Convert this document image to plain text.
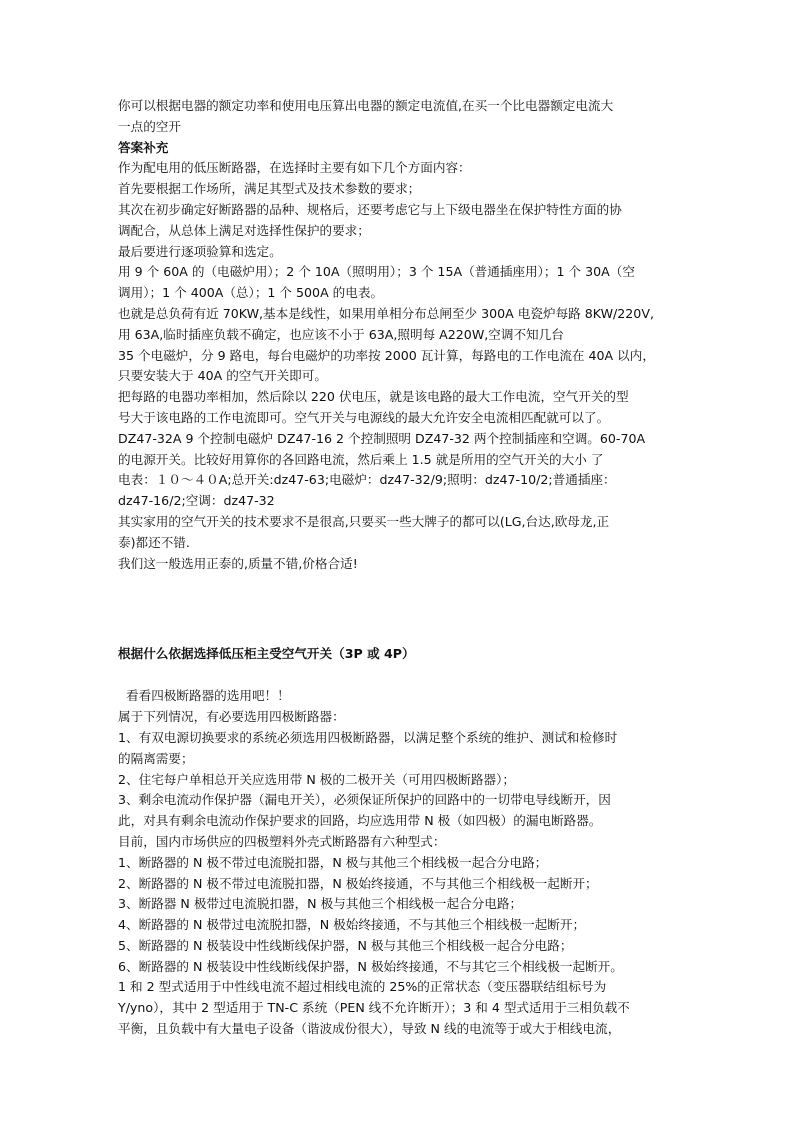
你可以根据电器的额定功率和使用电压算出电器的额定电流值,在买一个比电器额定电流大
一点的空开
答案补充
作为配电用的低压断路器，在选择时主要有如下几个方面内容：
首先要根据工作场所，满足其型式及技术参数的要求；
其次在初步确定好断路器的品种、规格后，还要考虑它与上下级电器坐在保护特性方面的协
调配合，从总体上满足对选择性保护的要求；
最后要进行逐项验算和选定。
用 9 个 60A 的（电磁炉用）；2 个 10A（照明用）；3 个 15A（普通插座用）；1 个 30A（空
调用）；1 个 400A（总）；1 个 500A 的电表。
也就是总负荷有近 70KW,基本是线性，如果用单相分布总闸至少 300A 电瓷炉每路 8KW/220V,
用 63A,临时插座负载不确定，也应该不小于 63A,照明每 A220W,空调不知几台
35 个电磁炉，分 9 路电，每台电磁炉的功率按 2000 瓦计算，每路电的工作电流在 40A 以内，
只要安装大于 40A 的空气开关即可。
把每路的电器功率相加，然后除以 220 伏电压，就是该电路的最大工作电流，空气开关的型
号大于该电路的工作电流即可。空气开关与电源线的最大允许安全电流相匹配就可以了。
DZ47-32A 9 个控制电磁炉 DZ47-16 2 个控制照明 DZ47-32 两个控制插座和空调。60-70A
的电源开关。比较好用算你的各回路电流，然后乘上 1.5 就是所用的空气开关的大小 了
电表：１０～４０A;总开关:dz47-63;电磁炉：dz47-32/9;照明：dz47-10/2;普通插座：
dz47-16/2;空调：dz47-32
其实家用的空气开关的技术要求不是很高,只要买一些大牌子的都可以(LG,台达,欧母龙,正
泰)都还不错.
我们这一般选用正泰的,质量不错,价格合适!
根据什么依据选择低压柜主受空气开关（3P 或 4P）
看看四极断路器的选用吧！！
属于下列情况，有必要选用四极断路器：
1、有双电源切换要求的系统必须选用四极断路器，以满足整个系统的维护、测试和检修时
的隔离需要；
2、住宅每户单相总开关应选用带 N 极的二极开关（可用四极断路器）；
3、剩余电流动作保护器（漏电开关），必须保证所保护的回路中的一切带电导线断开，因
此，对具有剩余电流动作保护要求的回路，均应选用带 N 极（如四极）的漏电断路器。
目前，国内市场供应的四极塑料外壳式断路器有六种型式：
1、断路器的 N 极不带过电流脱扣器，N 极与其他三个相线极一起合分电路；
2、断路器的 N 极不带过电流脱扣器，N 极始终接通，不与其他三个相线极一起断开；
3、断路器 N 极带过电流脱扣器，N 极与其他三个相线极一起合分电路；
4、断路器的 N 极带过电流脱扣器，N 极始终接通，不与其他三个相线极一起断开；
5、断路器的 N 极装设中性线断线保护器，N 极与其他三个相线极一起合分电路；
6、断路器的 N 极装设中性线断线保护器，N 极始终接通，不与其它三个相线极一起断开。
1 和 2 型式适用于中性线电流不超过相线电流的 25%的正常状态（变压器联结组标号为
Y/yno），其中 2 型适用于 TN-C 系统（PEN 线不允许断开）；3 和 4 型式适用于三相负载不
平衡，且负载中有大量电子设备（谐波成份很大），导致 N 线的电流等于或大于相线电流，
